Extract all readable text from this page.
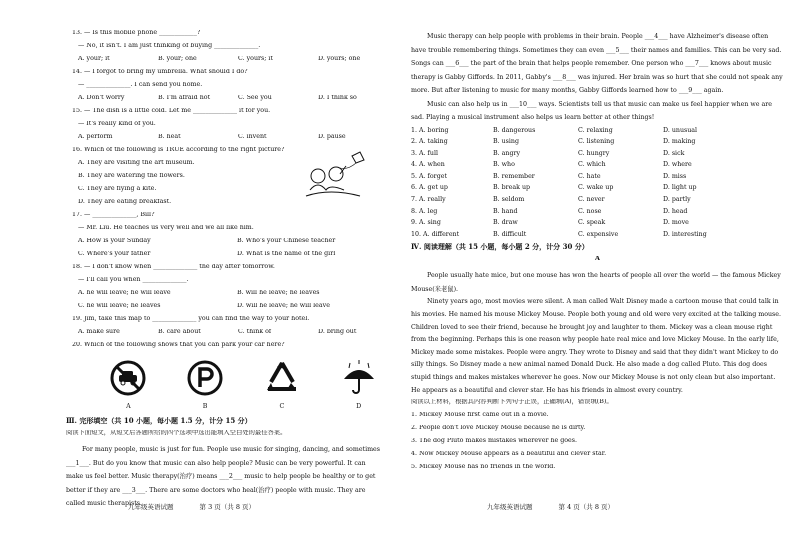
13. — Is this mobile phone ____________?
— No, it isn't. I am just thinking of buying ______________.
A. your; it	B. your; one	C. yours; it	D. yours; one
14. — I forgot to bring my umbrella. What should I do?
— ______________. I can send you home.
A. Don't worry	B. I'm afraid not	C. See you	D. I think so
15. — The dish is a little cold. Let me ______________ it for you.
— It's really kind of you.
A. perform	B. heat	C. invent	D. pause
16. Which of the following is TRUE according to the right picture?
A. They are visiting the art museum.
B. They are watering the flowers.
C. They are flying a kite.
D. They are eating breakfast.
17. — ______________, Bill?
— Mr. Liu. He teaches us very well and we all like him.
A. How is your Sunday	B. Who's your Chinese teacher
C. Where's your father	D. What is the name of the girl
18. — I don't know when ______________ the day after tomorrow.
— I'll call you when ______________.
A. he will leave; he will leave	B. will he leave; he leaves
C. he will leave; he leaves	D. will he leave; he will leave
19. Jim, take this map to ______________ you can find the way to your hotel.
A. make sure	B. care about	C. think of	D. bring out
20. Which of the following shows that you can park your car here?
A	B	C	D
Ⅲ. 完形填空（共 10 小题，每小题 1.5 分，计分 15 分）
阅读下面短文，从短文后各题所给的四个选项中选出能填入空白处的最佳答案。

For many people, music is just for fun. People use music for singing, dancing, and sometimes ___1___. But do you know that music can also help people? Music can be very powerful. It can make us feel better. Music therapy(治疗) means ___2___ music to help people be healthy or to get better if they are ___3___. There are some doctors who heal(治疗) people with music. They are called music therapists.

九年级英语试题　　　　第 3 页（共 8 页）

Music therapy can help people with problems in their brain. People ___4___ have Alzheimer's disease often have trouble remembering things. Sometimes they can even ___5___ their names and families. This can be very sad. Songs can ___6___ the part of the brain that helps people remember. One person who ___7___ knows about music therapy is Gabby Giffords. In 2011, Gabby's ___8___ was injured. Her brain was so hurt that she could not speak any more. But after listening to music for many months, Gabby Giffords learned how to ___9___ again.

Music can also help us in ___10___ ways. Scientists tell us that music can make us feel happier when we are sad. Playing a musical instrument also helps us learn better at other things!

1. A. boring	B. dangerous	C. relaxing	D. unusual
2. A. taking	B. using	C. listening	D. making
3. A. full	B. angry	C. hungry	D. sick
4. A. when	B. who	C. which	D. where
5. A. forget	B. remember	C. hate	D. miss
6. A. get up	B. break up	C. wake up	D. light up
7. A. really	B. seldom	C. never	D. partly
8. A. leg	B. hand	C. nose	D. head
9. A. sing	B. draw	C. speak	D. move
10. A. different	B. difficult	C. expensive	D. interesting
Ⅳ. 阅读理解（共 15 小题，每小题 2 分，计分 30 分）
A

People usually hate mice, but one mouse has won the hearts of people all over the world — the famous Mickey Mouse(米老鼠).

Ninety years ago, most movies were silent. A man called Walt Disney made a cartoon mouse that could talk in his movies. He named his mouse Mickey Mouse. People both young and old were very excited at the talking mouse. Children loved to see their friend, because he brought joy and laughter to them. Mickey was a clean mouse right from the beginning. Perhaps this is one reason why people hate real mice and love Mickey Mouse. In the early life, Mickey made some mistakes. People were angry. They wrote to Disney and said that they didn't want Mickey to do silly things. So Disney made a new animal named Donald Duck. He also made a dog called Pluto. This dog does stupid things and makes mistakes wherever he goes. Now our Mickey Mouse is not only clean but also important. He appears as a beautiful and clever star. He has his friends in almost every country.

阅读以上材料，根据其内容判断下列句子正误，正确填(A)，错误填(B)。
1. Mickey Mouse first came out in a movie.
2. People don't love Mickey Mouse because he is dirty.
3. The dog Pluto makes mistakes wherever he goes.
4. Now Mickey Mouse appears as a beautiful and clever star.
5. Mickey Mouse has no friends in the world.
九年级英语试题　　　　第 4 页（共 8 页）
